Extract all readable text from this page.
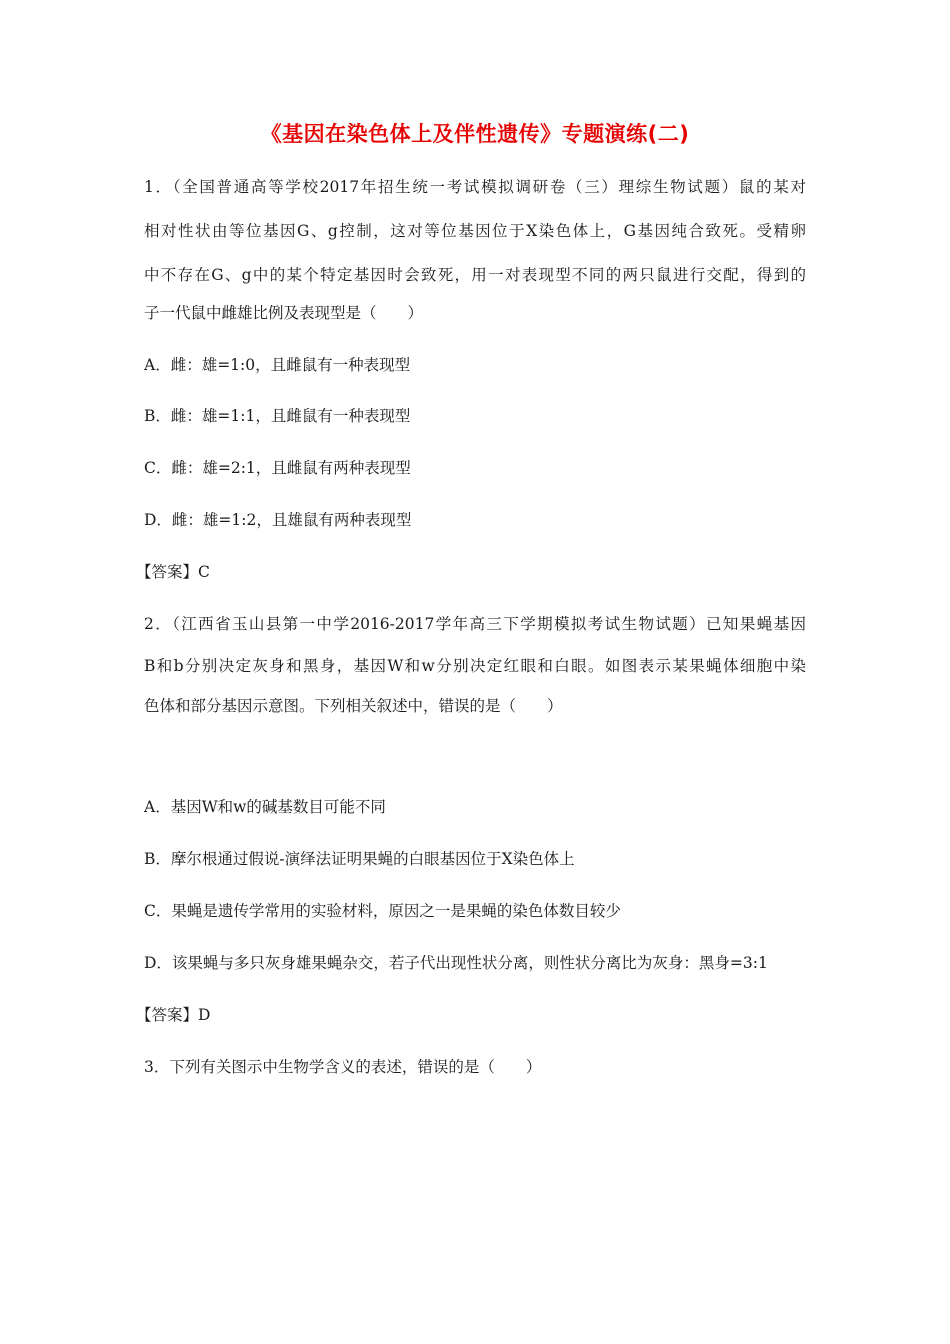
《基因在染色体上及伴性遗传》专题演练(二)
1．（全国普通高等学校2017年招生统一考试模拟调研卷（三）理综生物试题）鼠的某对
相对性状由等位基因G、g控制，这对等位基因位于X染色体上，G基因纯合致死。受精卵
中不存在G、g中的某个特定基因时会致死，用一对表现型不同的两只鼠进行交配，得到的
子一代鼠中雌雄比例及表现型是（　　）
A．雌：雄=1:0，且雌鼠有一种表现型
B．雌：雄=1:1，且雌鼠有一种表现型
C．雌：雄=2:1，且雌鼠有两种表现型
D．雌：雄=1:2，且雄鼠有两种表现型
【答案】C
2．（江西省玉山县第一中学2016-2017学年高三下学期模拟考试生物试题）已知果蝇基因
B和b分别决定灰身和黑身，基因W和w分别决定红眼和白眼。如图表示某果蝇体细胞中染
色体和部分基因示意图。下列相关叙述中，错误的是（　　）
A．基因W和w的碱基数目可能不同
B．摩尔根通过假说-演绎法证明果蝇的白眼基因位于X染色体上
C．果蝇是遗传学常用的实验材料，原因之一是果蝇的染色体数目较少
D．该果蝇与多只灰身雄果蝇杂交，若子代出现性状分离，则性状分离比为灰身：黑身=3:1
【答案】D
3．下列有关图示中生物学含义的表述，错误的是（　　）
